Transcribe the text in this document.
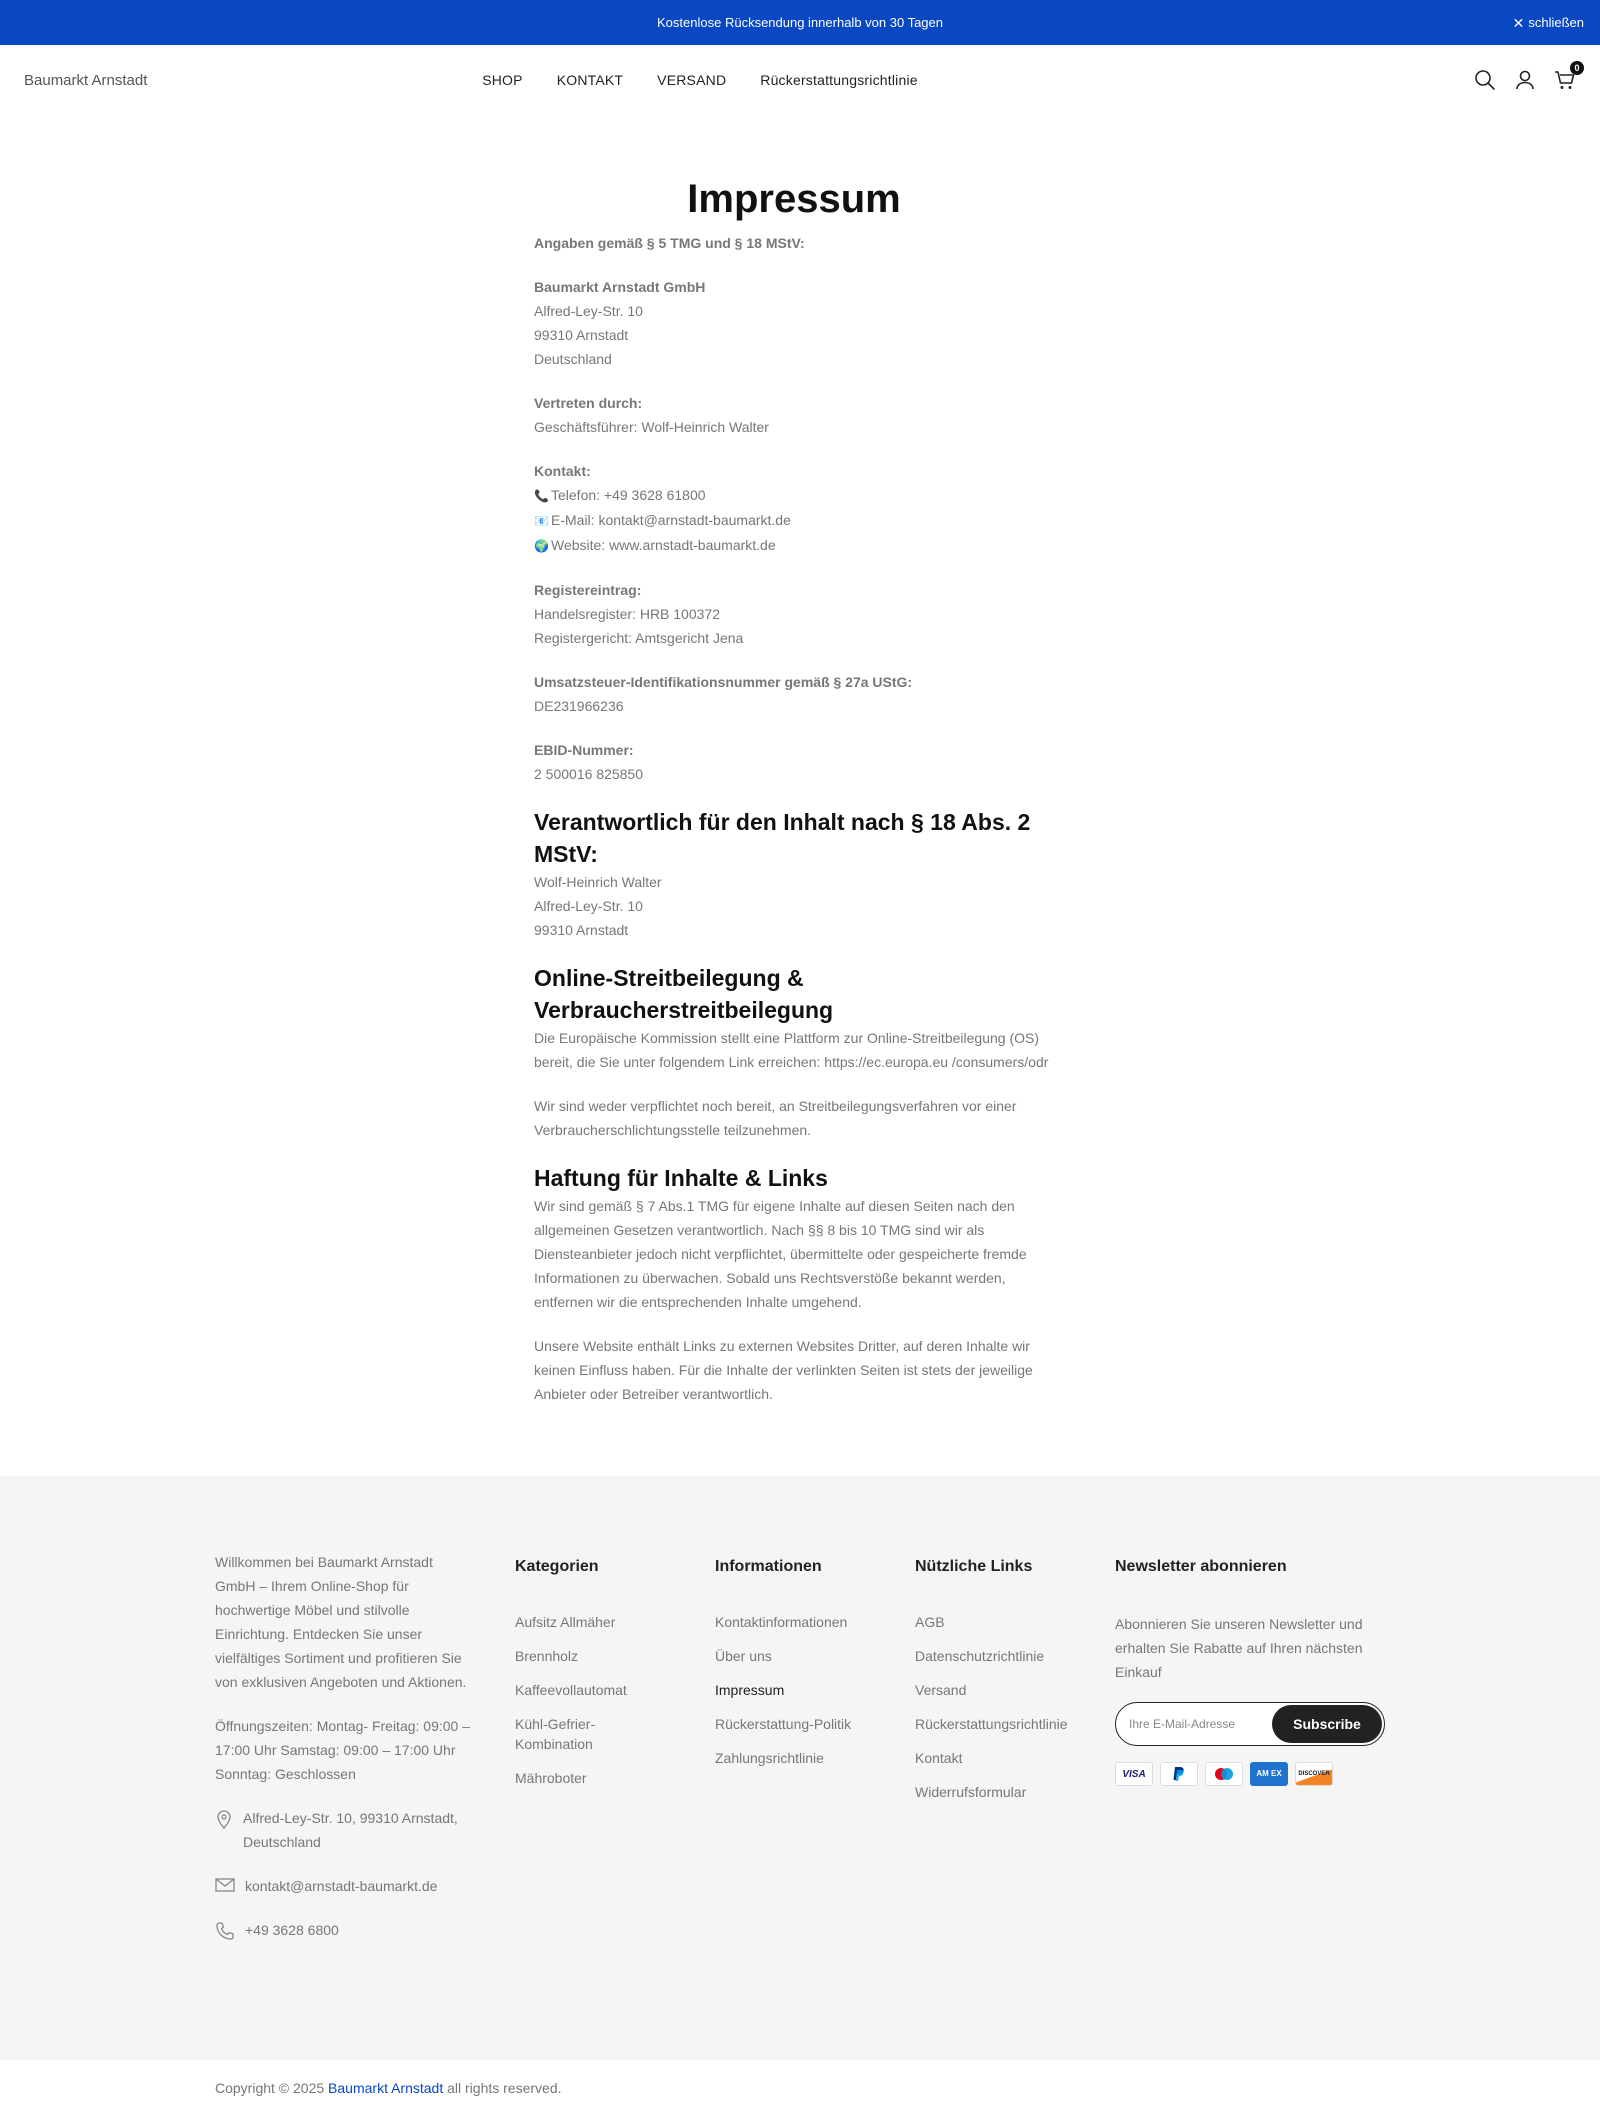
Kostenlose Rücksendung innerhalb von 30 Tagen	✕ schließen
Baumarkt Arnstadt	SHOP KONTAKT VERSAND Rückerstattungsrichtlinie
0
Impressum
Angaben gemäß § 5 TMG und § 18 MStV:
Baumarkt Arnstadt GmbH
Alfred-Ley-Str. 10
99310 Arnstadt
Deutschland
Vertreten durch:
Geschäftsführer: Wolf-Heinrich Walter
Kontakt:
📞 Telefon: +49 3628 61800
📧 E-Mail: kontakt@arnstadt-baumarkt.de
🌍 Website: www.arnstadt-baumarkt.de
Registereintrag:
Handelsregister: HRB 100372
Registergericht: Amtsgericht Jena
Umsatzsteuer-Identifikationsnummer gemäß § 27a UStG:
DE231966236
EBID-Nummer:
2 500016 825850
Verantwortlich für den Inhalt nach § 18 Abs. 2 MStV:
Wolf-Heinrich Walter
Alfred-Ley-Str. 10
99310 Arnstadt
Online-Streitbeilegung & Verbraucherstreitbeilegung

Die Europäische Kommission stellt eine Plattform zur Online-Streitbeilegung (OS) bereit, die Sie unter folgendem Link erreichen: https://ec.europa.eu /consumers/odr

Wir sind weder verpflichtet noch bereit, an Streitbeilegungsverfahren vor einer Verbraucherschlichtungsstelle teilzunehmen.

Haftung für Inhalte & Links

Wir sind gemäß § 7 Abs.1 TMG für eigene Inhalte auf diesen Seiten nach den allgemeinen Gesetzen verantwortlich. Nach §§ 8 bis 10 TMG sind wir als Diensteanbieter jedoch nicht verpflichtet, übermittelte oder gespeicherte fremde Informationen zu überwachen. Sobald uns Rechtsverstöße bekannt werden, entfernen wir die entsprechenden Inhalte umgehend.

Unsere Website enthält Links zu externen Websites Dritter, auf deren Inhalte wir keinen Einfluss haben. Für die Inhalte der verlinkten Seiten ist stets der jeweilige Anbieter oder Betreiber verantwortlich.

Willkommen bei Baumarkt Arnstadt GmbH – Ihrem Online-Shop für hochwertige Möbel und stilvolle Einrichtung. Entdecken Sie unser vielfältiges Sortiment und profitieren Sie von exklusiven Angeboten und Aktionen.

Öffnungszeiten: Montag- Freitag: 09:00 – 17:00 Uhr Samstag: 09:00 – 17:00 Uhr Sonntag: Geschlossen

Alfred-Ley-Str. 10, 99310 Arnstadt, Deutschland
kontakt@arnstadt-baumarkt.de
+49 3628 6800
Kategorien
Aufsitz Allmäher
Brennholz
Kaffeevollautomat
Kühl-Gefrier-Kombination
Mähroboter
Informationen
Kontaktinformationen
Über uns
Impressum
Rückerstattung-Politik
Zahlungsrichtlinie
Nützliche Links
AGB
Datenschutzrichtlinie
Versand
Rückerstattungsrichtlinie
Kontakt
Widerrufsformular
Newsletter abonnieren
Abonnieren Sie unseren Newsletter und erhalten Sie Rabatte auf Ihren nächsten Einkauf
Ihre E-Mail-Adresse
Subscribe
VISA	AM EX	DISCOVER
Copyright © 2025 Baumarkt Arnstadt all rights reserved.
